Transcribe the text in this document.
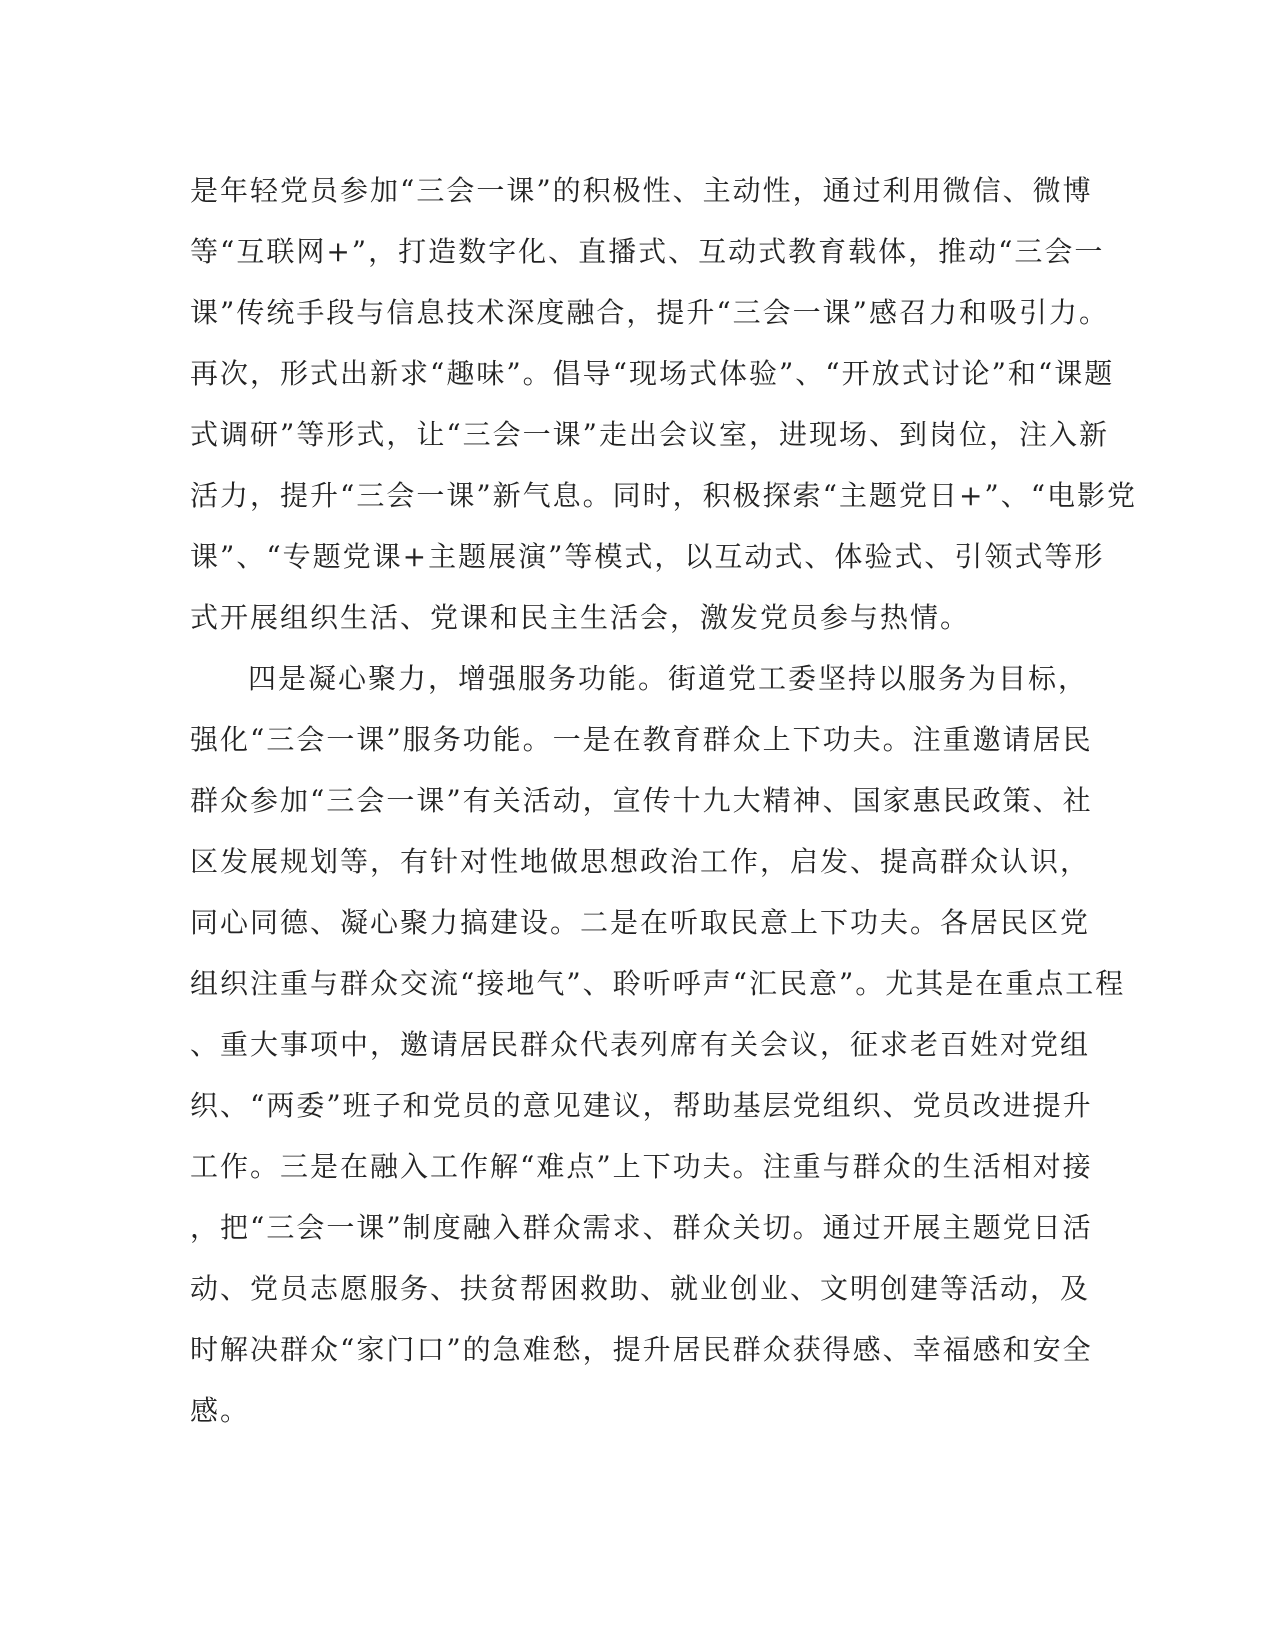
是年轻党员参加“三会一课”的积极性、主动性，通过利用微信、微博
等“互联网+”，打造数字化、直播式、互动式教育载体，推动“三会一
课”传统手段与信息技术深度融合，提升“三会一课”感召力和吸引力。
再次，形式出新求“趣味”。倡导“现场式体验”、“开放式讨论”和“课题
式调研”等形式，让“三会一课”走出会议室，进现场、到岗位，注入新
活力，提升“三会一课”新气息。同时，积极探索“主题党日+”、“电影党
课”、“专题党课+主题展演”等模式，以互动式、体验式、引领式等形
式开展组织生活、党课和民主生活会，激发党员参与热情。
四是凝心聚力，增强服务功能。街道党工委坚持以服务为目标，
强化“三会一课”服务功能。一是在教育群众上下功夫。注重邀请居民
群众参加“三会一课”有关活动，宣传十九大精神、国家惠民政策、社
区发展规划等，有针对性地做思想政治工作，启发、提高群众认识，
同心同德、凝心聚力搞建设。二是在听取民意上下功夫。各居民区党
组织注重与群众交流“接地气”、聆听呼声“汇民意”。尤其是在重点工程
、重大事项中，邀请居民群众代表列席有关会议，征求老百姓对党组
织、“两委”班子和党员的意见建议，帮助基层党组织、党员改进提升
工作。三是在融入工作解“难点”上下功夫。注重与群众的生活相对接
，把“三会一课”制度融入群众需求、群众关切。通过开展主题党日活
动、党员志愿服务、扶贫帮困救助、就业创业、文明创建等活动，及
时解决群众“家门口”的急难愁，提升居民群众获得感、幸福感和安全
感。
